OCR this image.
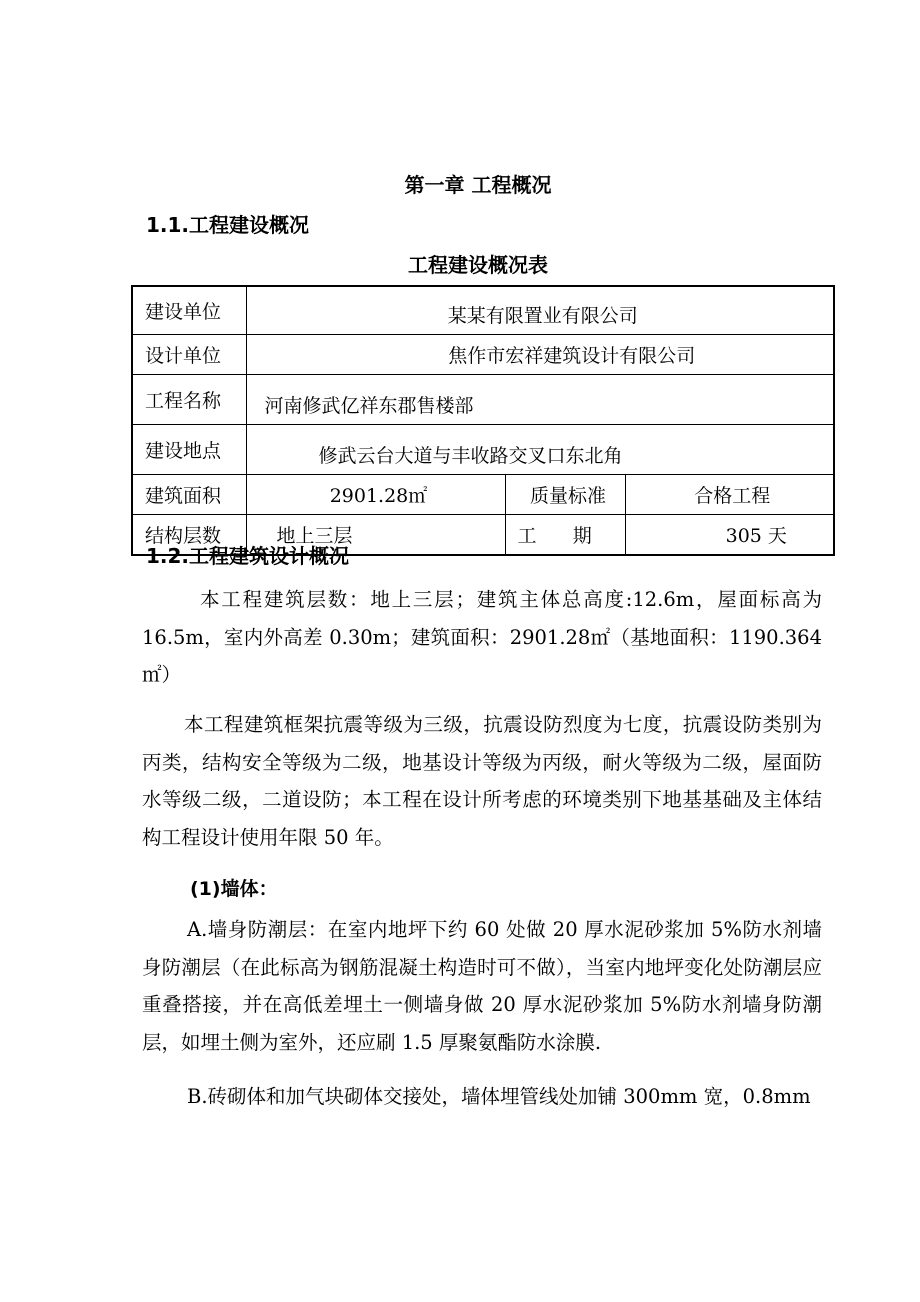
第一章 工程概况
1.1.工程建设概况
工程建设概况表
建设单位	某某有限置业有限公司		
设计单位	焦作市宏祥建筑设计有限公司		
工程名称	河南修武亿祥东郡售楼部		
建设地点	修武云台大道与丰收路交叉口东北角		
建筑面积	2901.28㎡	质量标准	合格工程
结构层数	地上三层	工      期	305 天
1.2.工程建筑设计概况

本工程建筑层数：地上三层；建筑主体总高度:12.6m，屋面标高为 16.5m，室内外高差 0.30m；建筑面积：2901.28㎡（基地面积：1190.364㎡）

本工程建筑框架抗震等级为三级，抗震设防烈度为七度，抗震设防类别为丙类，结构安全等级为二级，地基设计等级为丙级，耐火等级为二级，屋面防水等级二级，二道设防；本工程在设计所考虑的环境类别下地基基础及主体结构工程设计使用年限 50 年。

(1)墙体：

A.墙身防潮层：在室内地坪下约 60 处做 20 厚水泥砂浆加 5%防水剂墙身防潮层（在此标高为钢筋混凝土构造时可不做），当室内地坪变化处防潮层应重叠搭接，并在高低差埋土一侧墙身做 20 厚水泥砂浆加 5%防水剂墙身防潮层，如埋土侧为室外，还应刷 1.5 厚聚氨酯防水涂膜.

B.砖砌体和加气块砌体交接处，墙体埋管线处加铺 300mm 宽，0.8mm
